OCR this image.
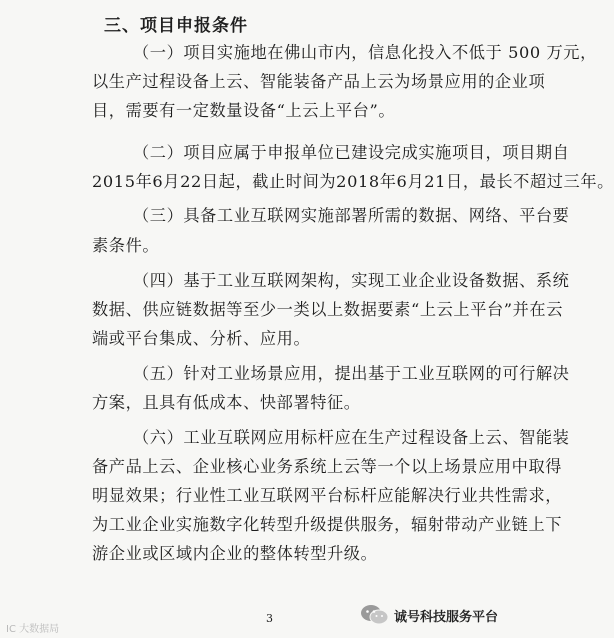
三、项目申报条件
（一）项目实施地在佛山市内，信息化投入不低于 500 万元，
以生产过程设备上云、智能装备产品上云为场景应用的企业项
目，需要有一定数量设备“上云上平台”。
（二）项目应属于申报单位已建设完成实施项目，项目期自
2015年6月22日起，截止时间为2018年6月21日，最长不超过三年。
（三）具备工业互联网实施部署所需的数据、网络、平台要
素条件。
（四）基于工业互联网架构，实现工业企业设备数据、系统
数据、供应链数据等至少一类以上数据要素“上云上平台”并在云
端或平台集成、分析、应用。
（五）针对工业场景应用，提出基于工业互联网的可行解决
方案，且具有低成本、快部署特征。
（六）工业互联网应用标杆应在生产过程设备上云、智能装
备产品上云、企业核心业务系统上云等一个以上场景应用中取得
明显效果；行业性工业互联网平台标杆应能解决行业共性需求，
为工业企业实施数字化转型升级提供服务，辐射带动产业链上下
游企业或区域内企业的整体转型升级。
3
IC 大数据局
诚号科技服务平台
